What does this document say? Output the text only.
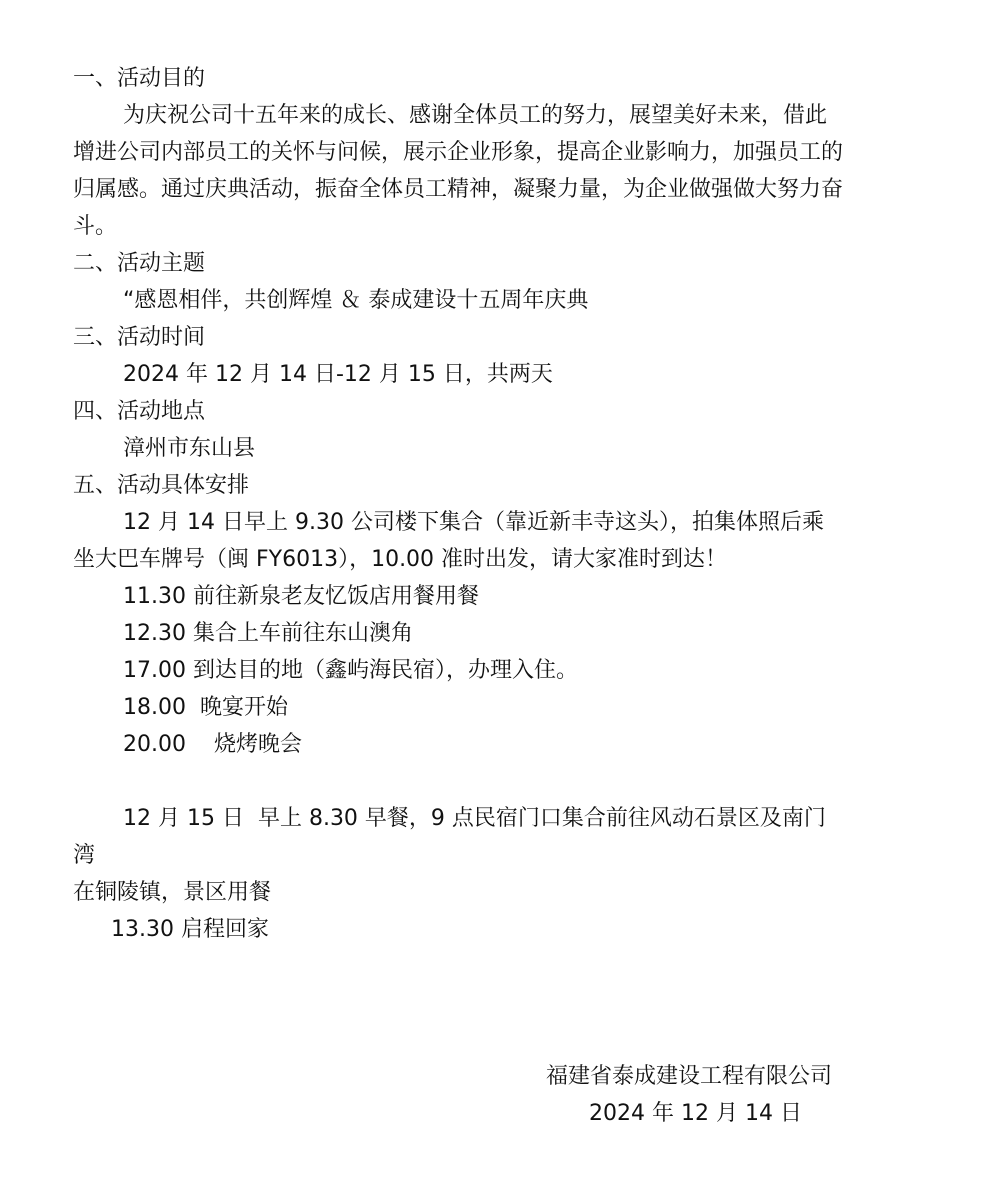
一、活动目的
为庆祝公司十五年来的成长、感谢全体员工的努力，展望美好未来，借此增进公司内部员工的关怀与问候，展示企业形象，提高企业影响力，加强员工的归属感。通过庆典活动，振奋全体员工精神，凝聚力量，为企业做强做大努力奋斗。
二、活动主题
“感恩相伴，共创辉煌 ＆ 泰成建设十五周年庆典
三、活动时间
2024 年 12 月 14 日-12 月 15 日，共两天
四、活动地点
漳州市东山县
五、活动具体安排
12 月 14 日早上 9.30 公司楼下集合（靠近新丰寺这头），拍集体照后乘坐大巴车牌号（闽 FY6013），10.00 准时出发，请大家准时到达！
11.30 前往新泉老友忆饭店用餐用餐
12.30 集合上车前往东山澳角
17.00 到达目的地（鑫屿海民宿），办理入住。
18.00  晚宴开始
20.00    烧烤晚会
12 月 15 日  早上 8.30 早餐，9 点民宿门口集合前往风动石景区及南门湾
在铜陵镇，景区用餐
13.30 启程回家
福建省泰成建设工程有限公司
2024 年 12 月 14 日
